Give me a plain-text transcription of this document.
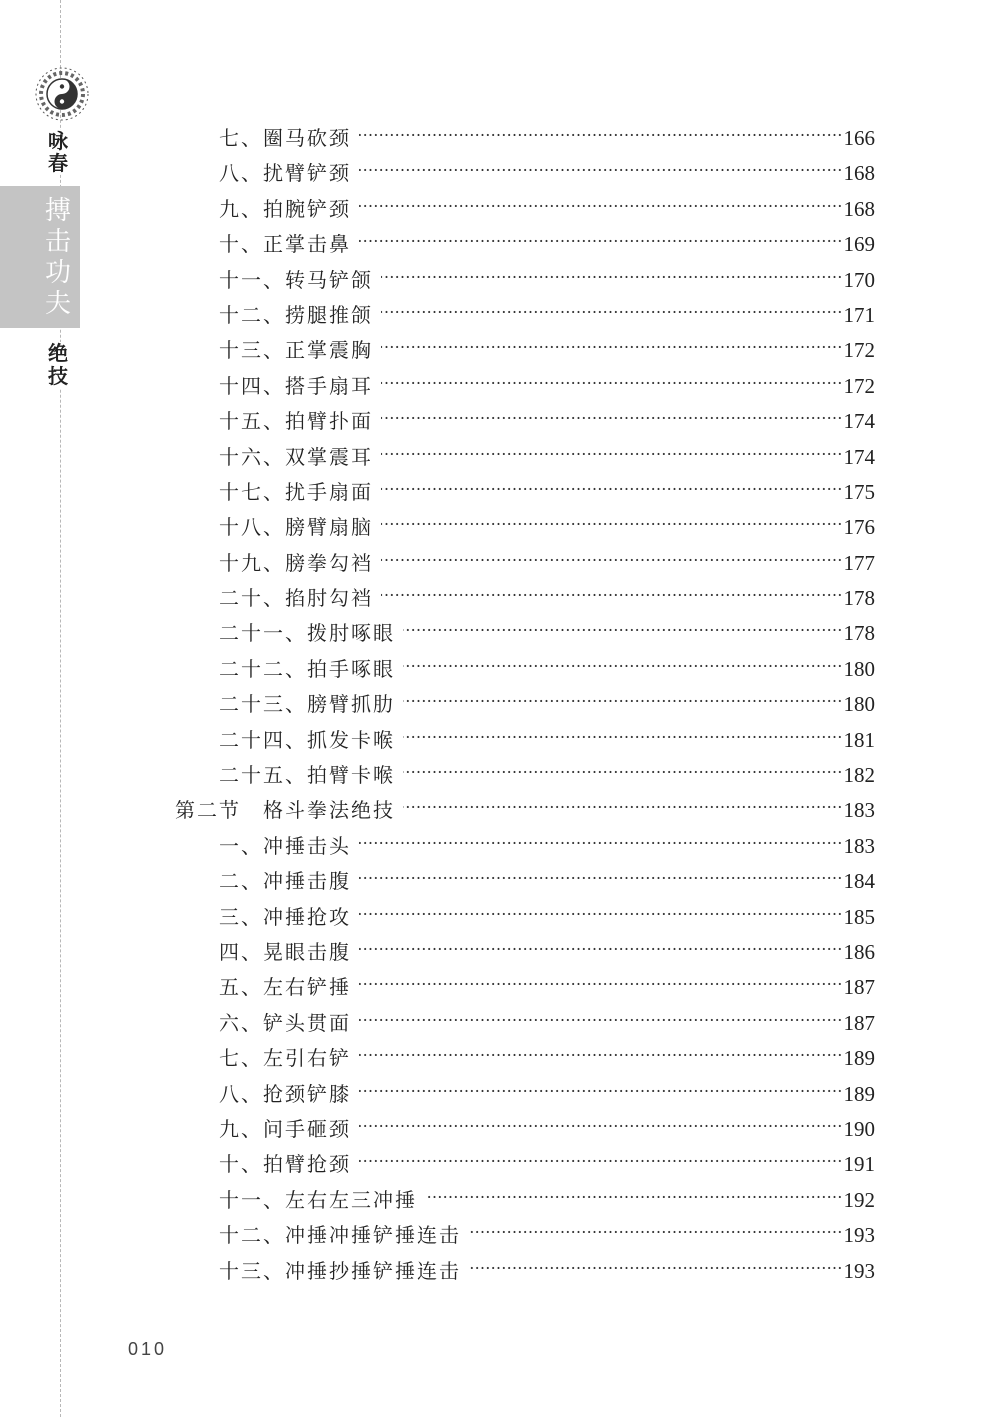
咏春
搏击功夫
绝技
七、圈马砍颈 ……………………………………………………………………………………………………………………………	166
八、扰臂铲颈 ……………………………………………………………………………………………………………………………	168
九、拍腕铲颈 ……………………………………………………………………………………………………………………………	168
十、正掌击鼻 ……………………………………………………………………………………………………………………………	169
十一、转马铲颌 ……………………………………………………………………………………………………………………………	170
十二、捞腿推颌 ……………………………………………………………………………………………………………………………	171
十三、正掌震胸 ……………………………………………………………………………………………………………………………	172
十四、搭手扇耳 ……………………………………………………………………………………………………………………………	172
十五、拍臂扑面 ……………………………………………………………………………………………………………………………	174
十六、双掌震耳 ……………………………………………………………………………………………………………………………	174
十七、扰手扇面 ……………………………………………………………………………………………………………………………	175
十八、膀臂扇脑 ……………………………………………………………………………………………………………………………	176
十九、膀拳勾裆 ……………………………………………………………………………………………………………………………	177
二十、掐肘勾裆 ……………………………………………………………………………………………………………………………	178
二十一、拨肘啄眼 ……………………………………………………………………………………………………………………………	178
二十二、拍手啄眼 ……………………………………………………………………………………………………………………………	180
二十三、膀臂抓肋 ……………………………………………………………………………………………………………………………	180
二十四、抓发卡喉 ……………………………………………………………………………………………………………………………	181
二十五、拍臂卡喉 ……………………………………………………………………………………………………………………………	182
第二节　格斗拳法绝技 ……………………………………………………………………………………………………………………………	183
一、冲捶击头 ……………………………………………………………………………………………………………………………	183
二、冲捶击腹 ……………………………………………………………………………………………………………………………	184
三、冲捶抢攻 ……………………………………………………………………………………………………………………………	185
四、晃眼击腹 ……………………………………………………………………………………………………………………………	186
五、左右铲捶 ……………………………………………………………………………………………………………………………	187
六、铲头贯面 ……………………………………………………………………………………………………………………………	187
七、左引右铲 ……………………………………………………………………………………………………………………………	189
八、抢颈铲膝 ……………………………………………………………………………………………………………………………	189
九、问手砸颈 ……………………………………………………………………………………………………………………………	190
十、拍臂抢颈 ……………………………………………………………………………………………………………………………	191
十一、左右左三冲捶 ……………………………………………………………………………………………………………………………	192
十二、冲捶冲捶铲捶连击 ……………………………………………………………………………………………………………………………	193
十三、冲捶抄捶铲捶连击 ……………………………………………………………………………………………………………………………	193
010
